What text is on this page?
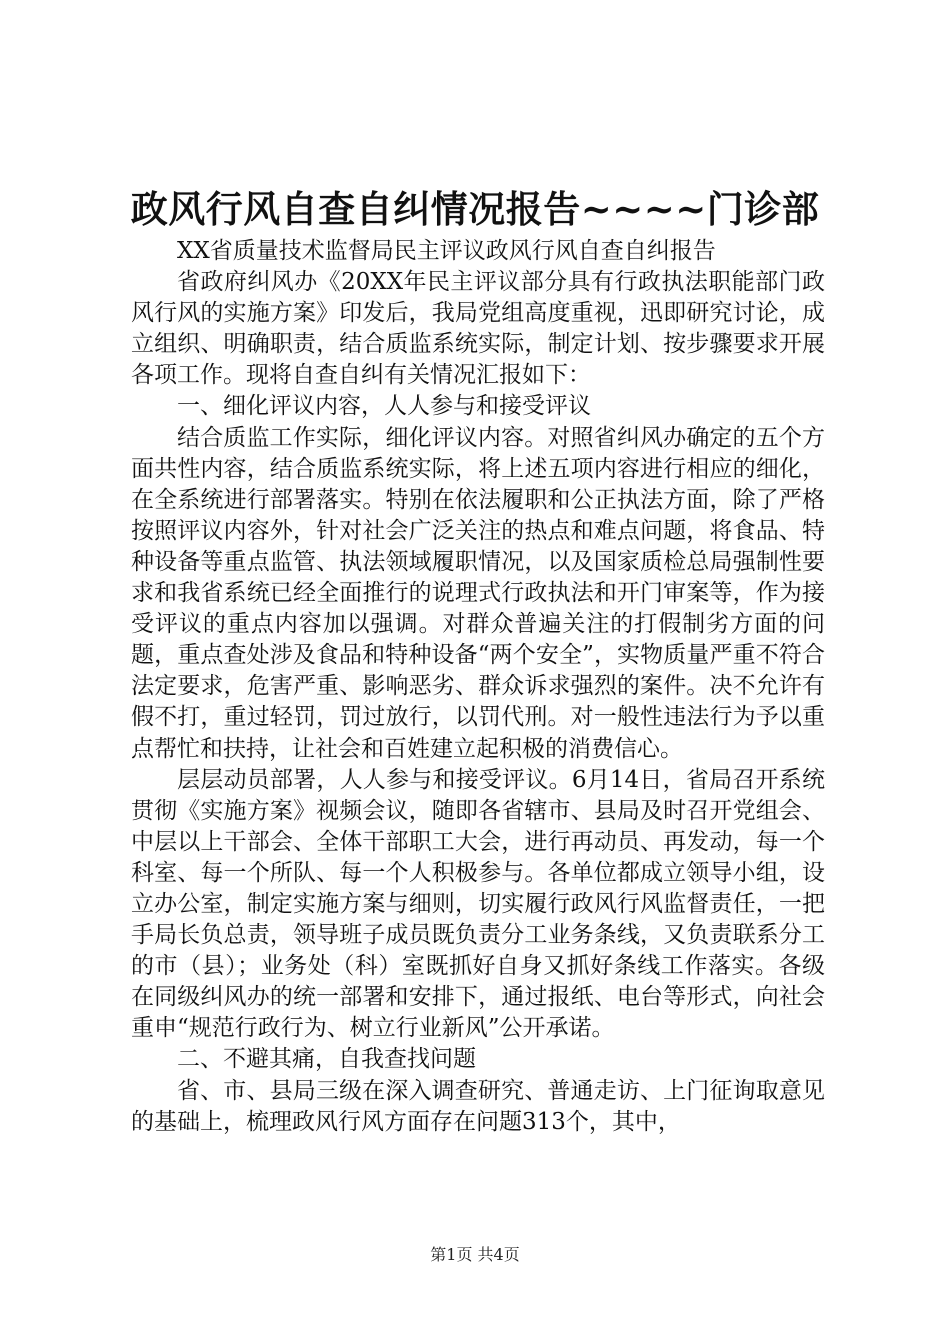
政风行风自查自纠情况报告~~~~门诊部

XX省质量技术监督局民主评议政风行风自查自纠报告

省政府纠风办《20XX年民主评议部分具有行政执法职能部门政风行风的实施方案》印发后，我局党组高度重视，迅即研究讨论，成立组织、明确职责，结合质监系统实际，制定计划、按步骤要求开展各项工作。现将自查自纠有关情况汇报如下：

一、细化评议内容，人人参与和接受评议

结合质监工作实际，细化评议内容。对照省纠风办确定的五个方面共性内容，结合质监系统实际，将上述五项内容进行相应的细化，在全系统进行部署落实。特别在依法履职和公正执法方面，除了严格按照评议内容外，针对社会广泛关注的热点和难点问题，将食品、特种设备等重点监管、执法领域履职情况，以及国家质检总局强制性要求和我省系统已经全面推行的说理式行政执法和开门审案等，作为接受评议的重点内容加以强调。对群众普遍关注的打假制劣方面的问题，重点查处涉及食品和特种设备“两个安全”，实物质量严重不符合法定要求，危害严重、影响恶劣、群众诉求强烈的案件。决不允许有假不打，重过轻罚，罚过放行，以罚代刑。对一般性违法行为予以重点帮忙和扶持，让社会和百姓建立起积极的消费信心。

层层动员部署，人人参与和接受评议。6月14日，省局召开系统贯彻《实施方案》视频会议，随即各省辖市、县局及时召开党组会、中层以上干部会、全体干部职工大会，进行再动员、再发动，每一个科室、每一个所队、每一个人积极参与。各单位都成立领导小组，设立办公室，制定实施方案与细则，切实履行政风行风监督责任，一把手局长负总责，领导班子成员既负责分工业务条线，又负责联系分工的市（县）；业务处（科）室既抓好自身又抓好条线工作落实。各级在同级纠风办的统一部署和安排下，通过报纸、电台等形式，向社会重申“规范行政行为、树立行业新风”公开承诺。

二、不避其痛，自我查找问题

省、市、县局三级在深入调查研究、普通走访、上门征询取意见的基础上，梳理政风行风方面存在问题313个，其中，

第1页 共4页
